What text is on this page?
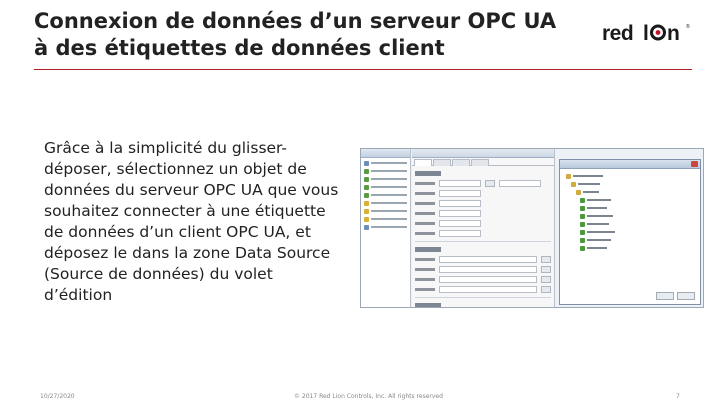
Connexion de données d’un serveur OPC UA
à des étiquettes de données client
red l n ®
Grâce à la simplicité du glisser-déposer, sélectionnez un objet de données du serveur OPC UA que vous souhaitez connecter à une étiquette de données d’un client OPC UA, et déposez le dans la zone Data Source (Source de données) du volet d’édition
10/27/2020	© 2017 Red Lion Controls, Inc. All rights reserved	7
